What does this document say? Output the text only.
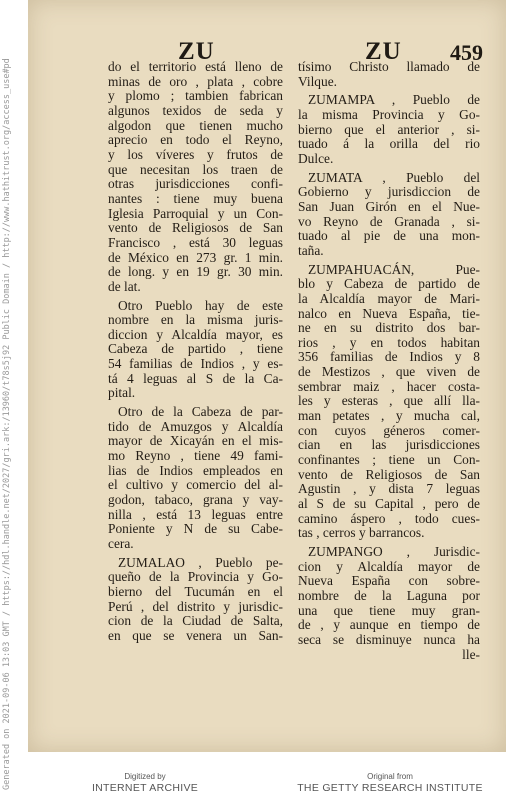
ZU	ZU 459
do el territorio está lleno de
minas de oro , plata , cobre
y plomo ; tambien fabrican
algunos texidos de seda y
algodon que tienen mucho
aprecio en todo el Reyno,
y los víveres y frutos de
que necesitan los traen de
otras jurisdicciones confi-
nantes : tiene muy buena
Iglesia Parroquial y un Con-
vento de Religiosos de San
Francisco , está 30 leguas
de México en 273 gr. 1 min.
de long. y en 19 gr. 30 min.
de lat.
Otro Pueblo hay de este
nombre en la misma juris-
diccion y Alcaldía mayor, es
Cabeza de partido , tiene
54 familias de Indios , y es-
tá 4 leguas al S de la Ca-
pital.
Otro de la Cabeza de par-
tido de Amuzgos y Alcaldía
mayor de Xicayán en el mis-
mo Reyno , tiene 49 fami-
lias de Indios empleados en
el cultivo y comercio del al-
godon, tabaco, grana y vay-
nilla , está 13 leguas entre
Poniente y N de su Cabe-
cera.
ZUMALAO , Pueblo pe-
queño de la Provincia y Go-
bierno del Tucumán en el
Perú , del distrito y jurisdic-
cion de la Ciudad de Salta,
en que se venera un San-
tísimo Christo llamado de
Vilque.
ZUMAMPA , Pueblo de
la misma Provincia y Go-
bierno que el anterior , si-
tuado á la orilla del rio
Dulce.
ZUMATA , Pueblo del
Gobierno y jurisdiccion de
San Juan Girón en el Nue-
vo Reyno de Granada , si-
tuado al pie de una mon-
taña.
ZUMPAHUACÁN, Pue-
blo y Cabeza de partido de
la Alcaldía mayor de Mari-
nalco en Nueva España, tie-
ne en su distrito dos bar-
rios , y en todos habitan
356 familias de Indios y 8
de Mestizos , que viven de
sembrar maiz , hacer costa-
les y esteras , que allí lla-
man petates , y mucha cal,
con cuyos géneros comer-
cian en las jurisdicciones
confinantes ; tiene un Con-
vento de Religiosos de San
Agustin , y dista 7 leguas
al S de su Capital , pero de
camino áspero , todo cues-
tas , cerros y barrancos.
ZUMPANGO , Jurisdic-
cion y Alcaldía mayor de
Nueva España con sobre-
nombre de la Laguna por
una que tiene muy gran-
de , y aunque en tiempo de
seca se disminuye nunca ha
lle-
Generated on 2021-09-06 13:03 GMT / https://hdl.handle.net/2027/gri.ark:/13960/t78s5j92 Public Domain / http://www.hathitrust.org/access_use#pd	Digitized by
INTERNET ARCHIVE
Original from
THE GETTY RESEARCH INSTITUTE
